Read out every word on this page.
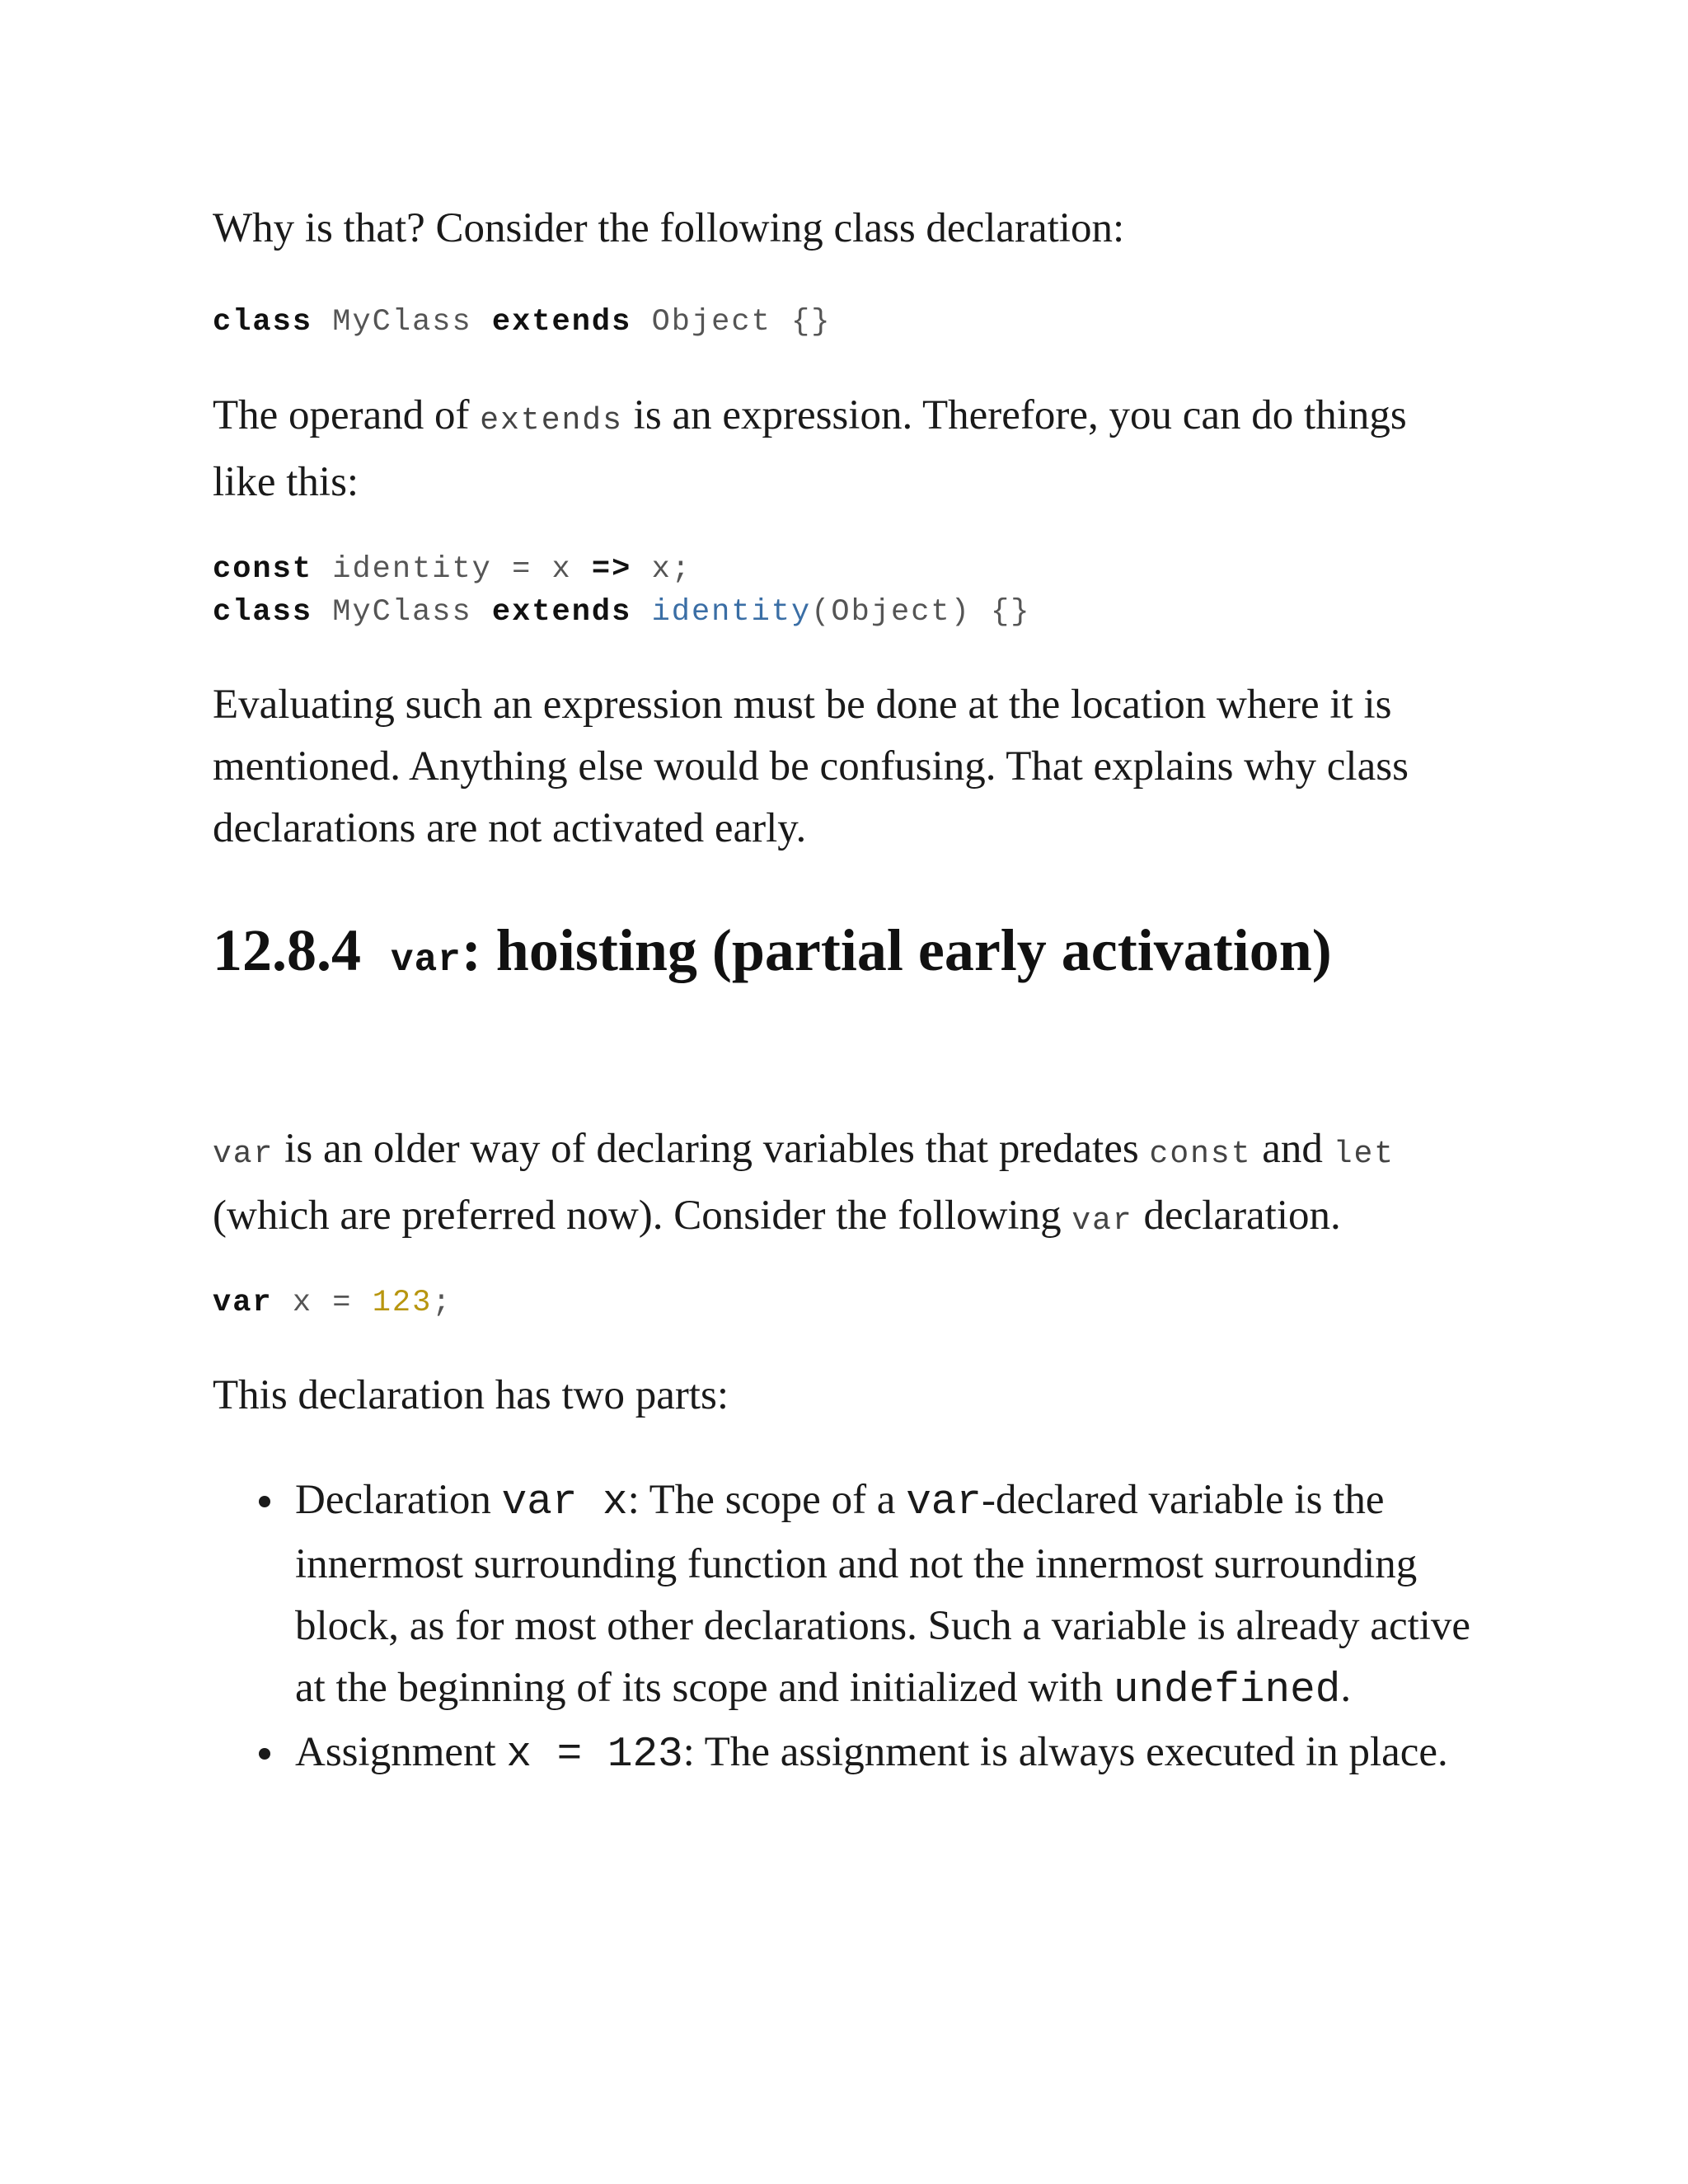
Why is that? Consider the following class declaration:

class MyClass extends Object {}

The operand of extends is an expression. Therefore, you can do things like this:

const identity = x => x;
class MyClass extends identity(Object) {}

Evaluating such an expression must be done at the location where it is mentioned. Anything else would be confusing. That explains why class declarations are not activated early.

12.8.4 var: hoisting (partial early activation)

var is an older way of declaring variables that predates const and let (which are preferred now). Consider the following var declaration.

var x = 123;

This declaration has two parts:

Declaration var x: The scope of a var-declared variable is the innermost surrounding function and not the innermost surrounding block, as for most other declarations. Such a variable is already active at the beginning of its scope and initialized with undefined.
Assignment x = 123: The assignment is always executed in place.
